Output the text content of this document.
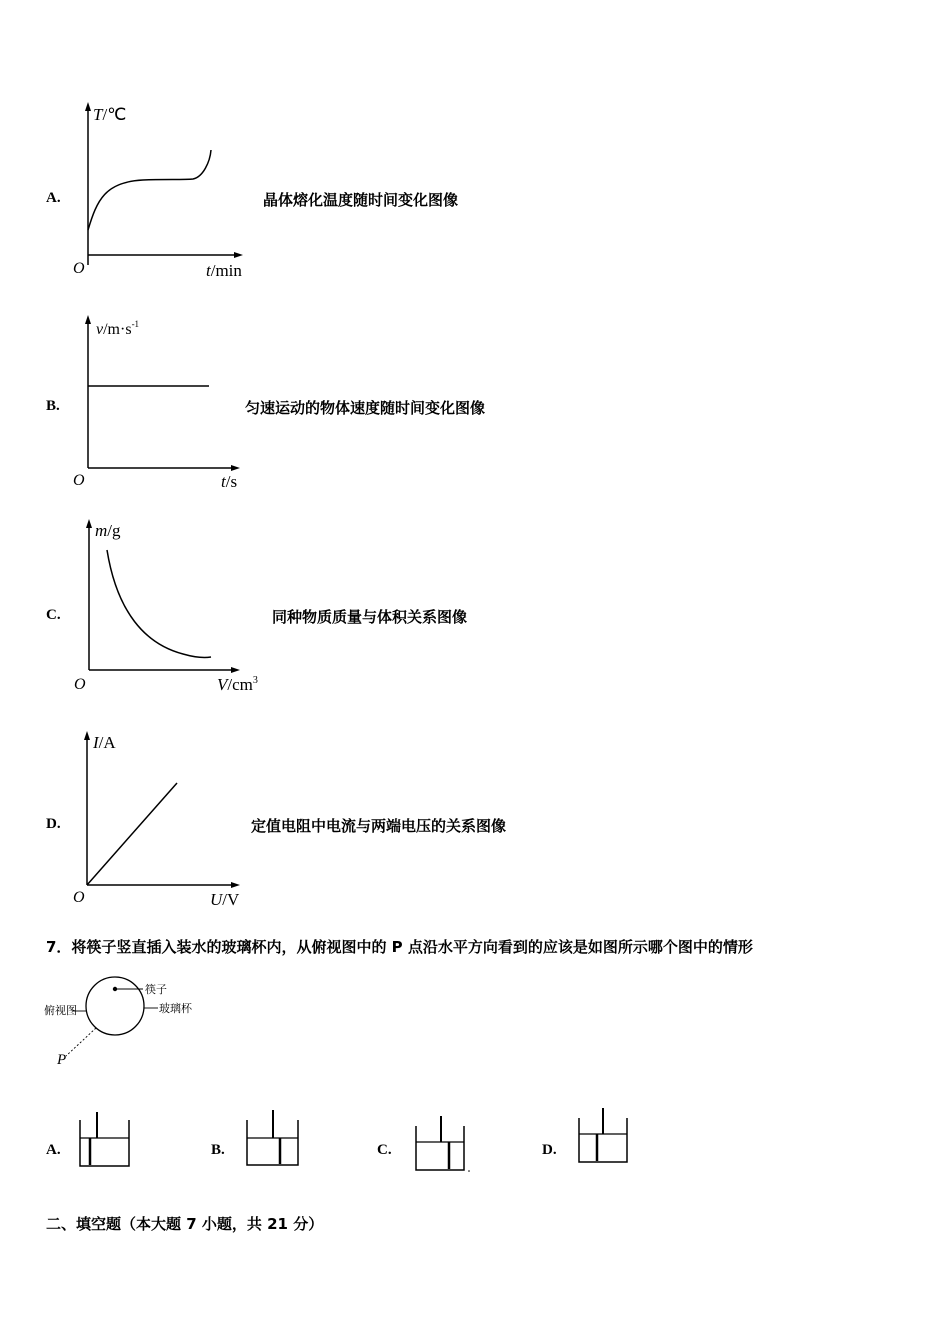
A.
O
T/℃
t/min
晶体熔化温度随时间变化图像
B.
O
$v/m\cdot s^{-1}$
t/s
匀速运动的物体速度随时间变化图像
C.
O
m/g
$V/cm^3$
同种物质质量与体积关系图像
D.
O
I/A
U/V
定值电阻中电流与两端电压的关系图像
7．将筷子竖直插入装水的玻璃杯内，从俯视图中的 P 点沿水平方向看到的应该是如图所示哪个图中的情形
俯视图
筷子
玻璃杯
P
A.	B.	C.	D.
二、填空题（本大题 7 小题，共 21 分）
